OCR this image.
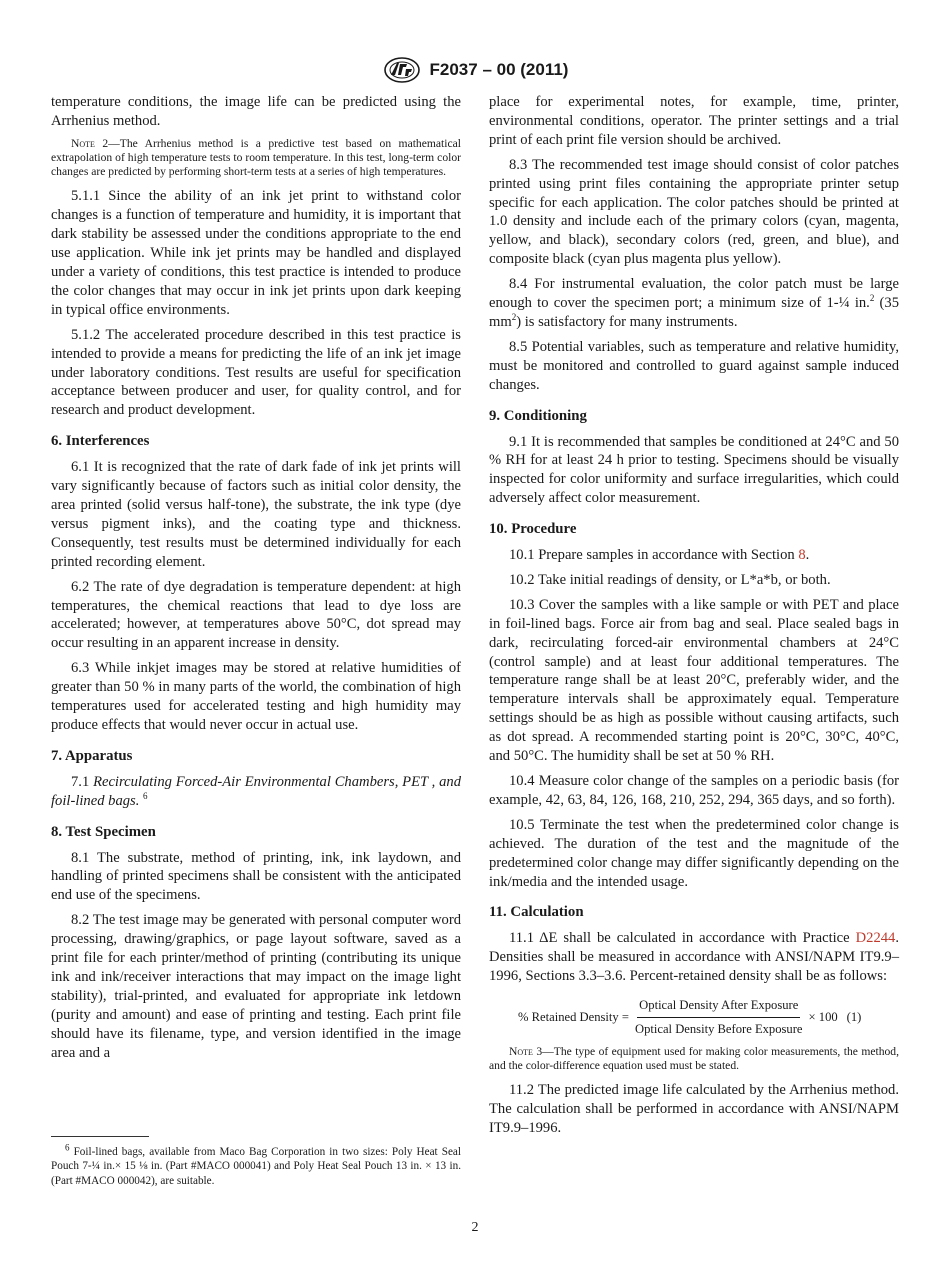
F2037 – 00 (2011)

temperature conditions, the image life can be predicted using the Arrhenius method.

Note 2—The Arrhenius method is a predictive test based on mathematical extrapolation of high temperature tests to room temperature. In this test, long-term color changes are predicted by performing short-term tests at a series of high temperatures.

5.1.1 Since the ability of an ink jet print to withstand color changes is a function of temperature and humidity, it is important that dark stability be assessed under the conditions appropriate to the end use application. While ink jet prints may be handled and displayed under a variety of conditions, this test practice is intended to produce the color changes that may occur in ink jet prints upon dark keeping in typical office environments.

5.1.2 The accelerated procedure described in this test practice is intended to provide a means for predicting the life of an ink jet image under laboratory conditions. Test results are useful for specification acceptance between producer and user, for quality control, and for research and product development.

6. Interferences

6.1 It is recognized that the rate of dark fade of ink jet prints will vary significantly because of factors such as initial color density, the area printed (solid versus half-tone), the substrate, the ink type (dye versus pigment inks), and the coating type and thickness. Consequently, test results must be determined individually for each printed recording element.

6.2 The rate of dye degradation is temperature dependent: at high temperatures, the chemical reactions that lead to dye loss are accelerated; however, at temperatures above 50°C, dot spread may occur resulting in an apparent increase in density.

6.3 While inkjet images may be stored at relative humidities of greater than 50 % in many parts of the world, the combination of high temperatures used for accelerated testing and high humidity may produce effects that would never occur in actual use.

7. Apparatus

7.1 Recirculating Forced-Air Environmental Chambers, PET , and foil-lined bags. $^6$

8. Test Specimen

8.1 The substrate, method of printing, ink, ink laydown, and handling of printed specimens shall be consistent with the anticipated end use of the specimens.

8.2 The test image may be generated with personal computer word processing, drawing/graphics, or page layout software, saved as a print file for each printer/method of printing (contributing its unique ink and ink/receiver interactions that may impact on the image light stability), trial-printed, and evaluated for appropriate ink letdown (purity and amount) and ease of printing and testing. Each print file should have its filename, type, and version identified in the image area and a

place for experimental notes, for example, time, printer, environmental conditions, operator. The printer settings and a trial print of each print file version should be archived.

8.3 The recommended test image should consist of color patches printed using print files containing the appropriate printer setup specific for each application. The color patches should be printed at 1.0 density and include each of the primary colors (cyan, magenta, yellow, and black), secondary colors (red, green, and blue), and composite black (cyan plus magenta plus yellow).

8.4 For instrumental evaluation, the color patch must be large enough to cover the specimen port; a minimum size of 1-¼ in.$^2$ (35 $mm^2$) is satisfactory for many instruments.

8.5 Potential variables, such as temperature and relative humidity, must be monitored and controlled to guard against sample induced changes.

9. Conditioning

9.1 It is recommended that samples be conditioned at 24°C and 50 % RH for at least 24 h prior to testing. Specimens should be visually inspected for color uniformity and surface irregularities, which could adversely affect color measurement.

10. Procedure

10.1 Prepare samples in accordance with Section 8.

10.2 Take initial readings of density, or L*a*b, or both.

10.3 Cover the samples with a like sample or with PET and place in foil-lined bags. Force air from bag and seal. Place sealed bags in dark, recirculating forced-air environmental chambers at 24°C (control sample) and at least four additional temperatures. The temperature range shall be at least 20°C, preferably wider, and the temperature intervals shall be approximately equal. Temperature settings should be as high as possible without causing artifacts, such as dot spread. A recommended starting point is 20°C, 30°C, 40°C, and 50°C. The humidity shall be set at 50 % RH.

10.4 Measure color change of the samples on a periodic basis (for example, 42, 63, 84, 126, 168, 210, 252, 294, 365 days, and so forth).

10.5 Terminate the test when the predetermined color change is achieved. The duration of the test and the magnitude of the predetermined color change may differ significantly depending on the ink/media and the intended usage.

11. Calculation

11.1 ΔE shall be calculated in accordance with Practice D2244. Densities shall be measured in accordance with ANSI/NAPM IT9.9–1996, Sections 3.3–3.6. Percent-retained density shall be as follows:

% Retained Density = $\frac{\text{Optical Density After Exposure}}{\text{Optical Density Before Exposure}} \times 100$ (1)

Note 3—The type of equipment used for making color measurements, the method, and the color-difference equation used must be stated.

11.2 The predicted image life calculated by the Arrhenius method. The calculation shall be performed in accordance with ANSI/NAPM IT9.9–1996.

$^6$ Foil-lined bags, available from Maco Bag Corporation in two sizes: Poly Heat Seal Pouch 7-¼ in.× 15 ⅛ in. (Part #MACO 000041) and Poly Heat Seal Pouch 13 in. × 13 in. (Part #MACO 000042), are suitable.
2
